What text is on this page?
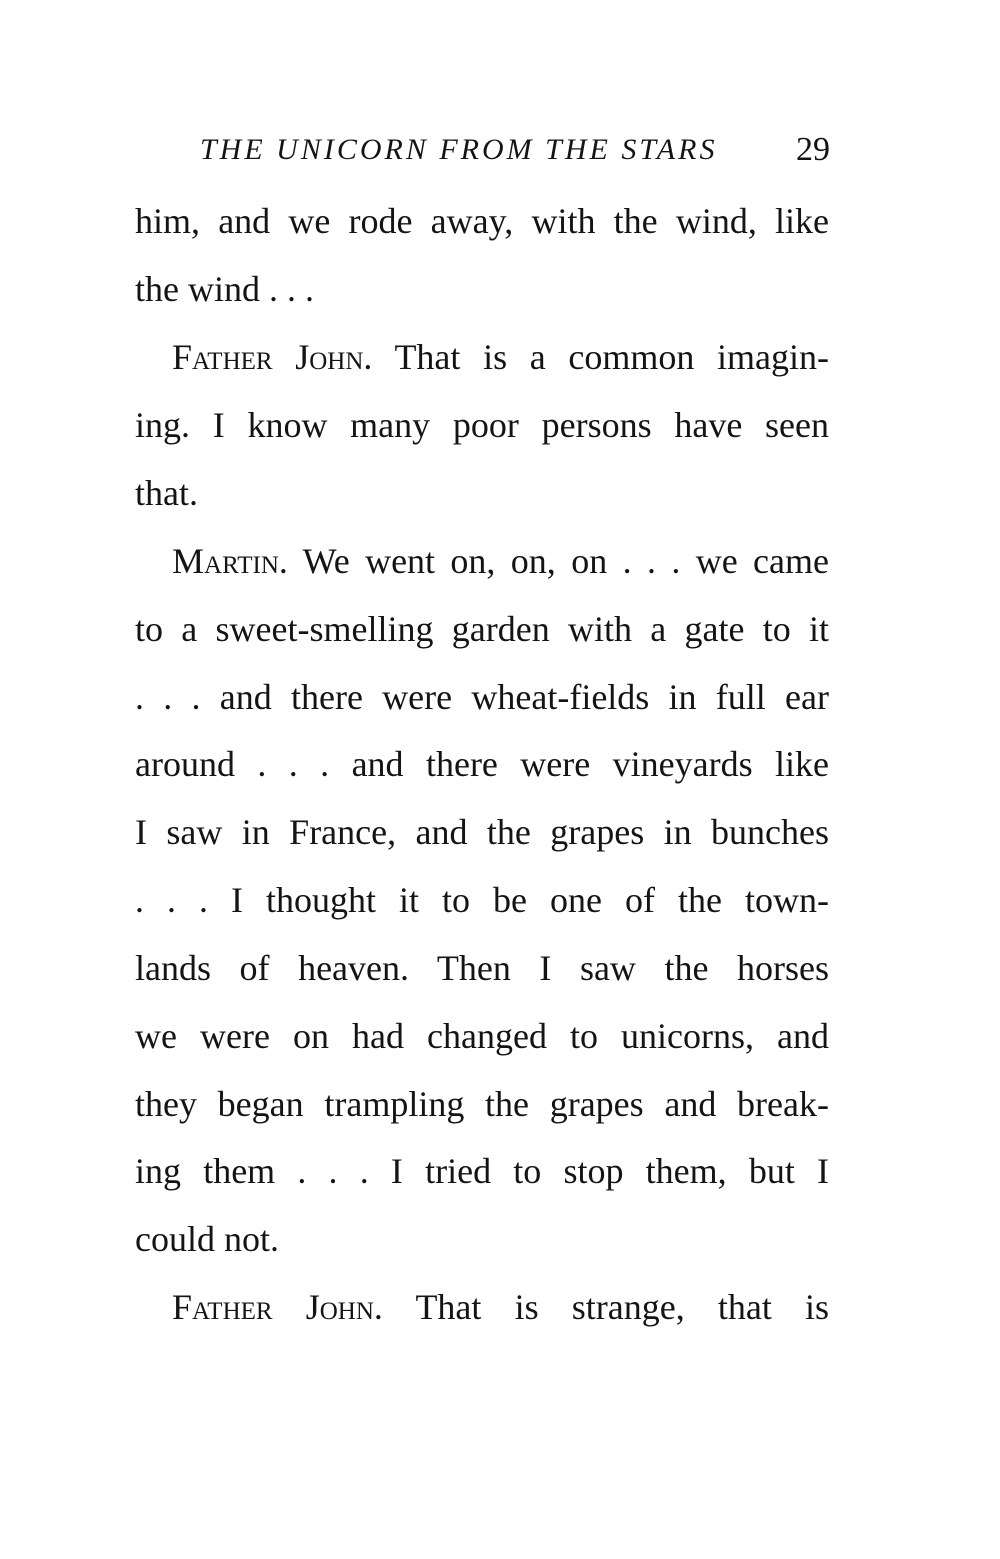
THE UNICORN FROM THE STARS 29
him, and we rode away, with the wind, like
the wind . . .
Father John. That is a common imagin-
ing. I know many poor persons have seen
that.
Martin. We went on, on, on . . . we came
to a sweet-smelling garden with a gate to it
. . . and there were wheat-fields in full ear
around . . . and there were vineyards like
I saw in France, and the grapes in bunches
. . . I thought it to be one of the town-
lands of heaven. Then I saw the horses
we were on had changed to unicorns, and
they began trampling the grapes and break-
ing them . . . I tried to stop them, but I
could not.
Father John. That is strange, that is
